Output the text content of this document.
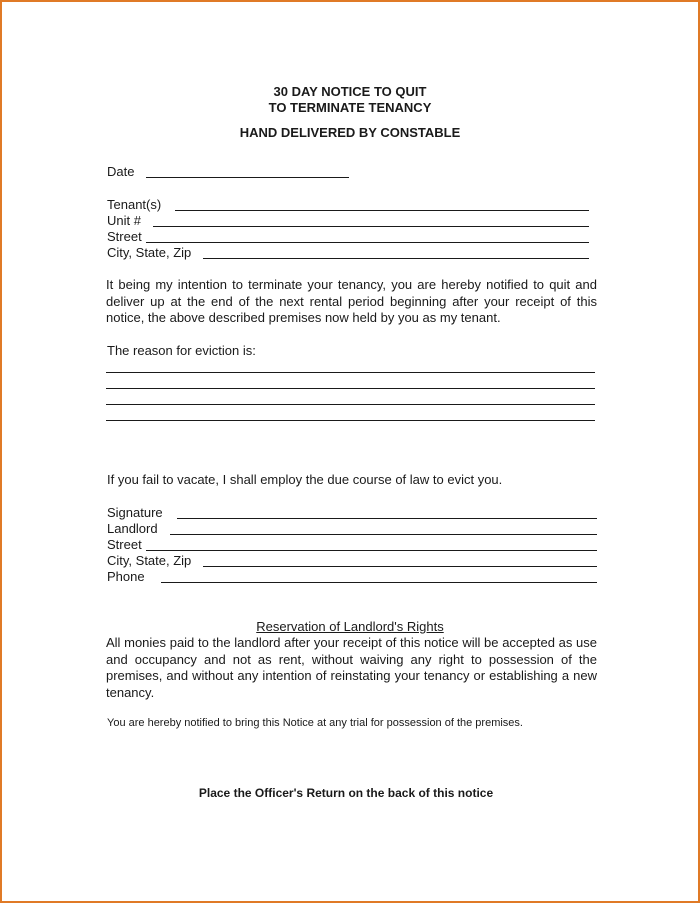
30 DAY NOTICE TO QUIT
TO TERMINATE TENANCY
HAND DELIVERED BY CONSTABLE
Date
Tenant(s)
Unit #
Street
City, State, Zip
It being my intention to terminate your tenancy, you are hereby notified to quit and deliver up at the end of the next rental period beginning after your receipt of this notice, the above described premises now held by you as my tenant.
The reason for eviction is:
If you fail to vacate, I shall employ the due course of law to evict you.
Signature
Landlord
Street
City, State, Zip
Phone
Reservation of Landlord's Rights
All monies paid to the landlord after your receipt of this notice will be accepted as use and occupancy and not as rent, without waiving any right to possession of the premises, and without any intention of reinstating your tenancy or establishing a new tenancy.
You are hereby notified to bring this Notice at any trial for possession of the premises.
Place the Officer's Return on the back of this notice
